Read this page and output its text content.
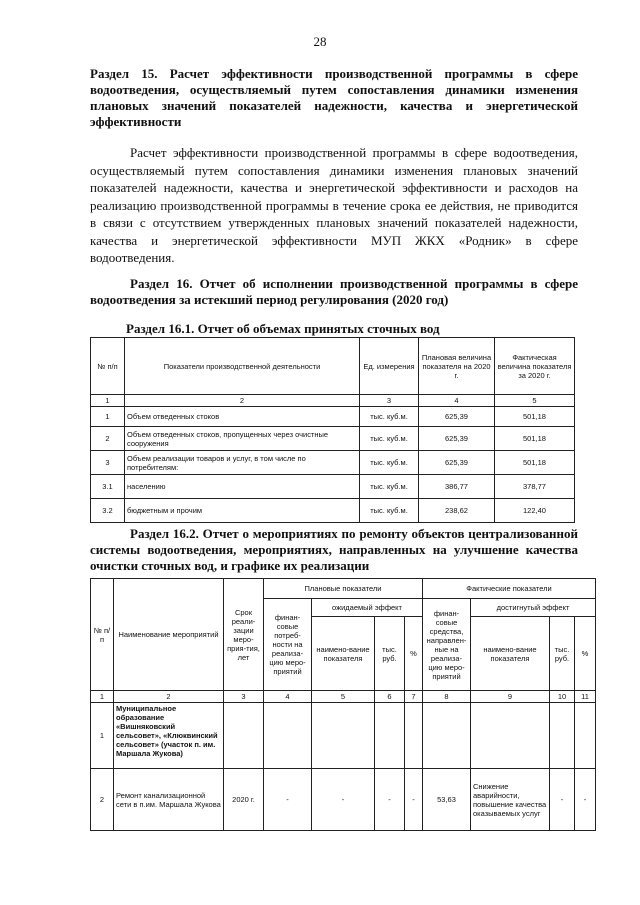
28
Раздел 15. Расчет эффективности производственной программы в сфере водоотведения, осуществляемый путем сопоставления динамики изменения плановых значений показателей надежности, качества и энергетической эффективности
Расчет эффективности производственной программы в сфере водоотведения, осуществляемый путем сопоставления динамики изменения плановых значений показателей надежности, качества и энергетической эффективности и расходов на реализацию производственной программы в течение срока ее действия, не приводится в связи с отсутствием утвержденных плановых значений показателей надежности, качества и энергетической эффективности МУП ЖКХ «Родник» в сфере водоотведения.
Раздел 16. Отчет об исполнении производственной программы в сфере водоотведения за истекший период регулирования (2020 год)
Раздел 16.1. Отчет об объемах принятых сточных вод
№ п/п	Показатели производственной деятельности	Ед. измерения	Плановая величина показателя на 2020 г.	Фактическая величина показателя за 2020 г.
1	2	3	4	5
1	Объем отведенных стоков	тыс. куб.м.	625,39	501,18
2	Объем отведенных стоков, пропущенных через очистные сооружения	тыс. куб.м.	625,39	501,18
3	Объем реализации товаров и услуг, в том числе по потребителям:	тыс. куб.м.	625,39	501,18
3.1	населению	тыс. куб.м.	386,77	378,77
3.2	бюджетным и прочим	тыс. куб.м.	238,62	122,40
Раздел 16.2. Отчет о мероприятиях по ремонту объектов централизованной системы водоотведения, мероприятиях, направленных на улучшение качества очистки сточных вод, и графике их реализации
№ п/ п	Наименование мероприятий	Срок реали-зации меро-прия-тия, лет	Плановые показатели				Фактические показатели			
			финан-совые потреб-ности на реализа-цию меро-приятий	ожидаемый эффект			финан-совые средства, направлен-ные на реализа-цию меро-приятий	достигнутый эффект		
				наимено-вание показателя	тыс. руб.	%		наимено-вание показателя	тыс. руб.	%
1	2	3	4	5	6	7	8	9	10	11
1	Муниципальное образование «Вишняковский сельсовет», «Клюквинский сельсовет» (участок п. им. Маршала Жукова)									
2	Ремонт канализационной сети в п.им. Маршала Жукова	2020 г.	-	-	-	-	53,63	Снижение аварийности, повышение качества оказываемых услуг	-	-
